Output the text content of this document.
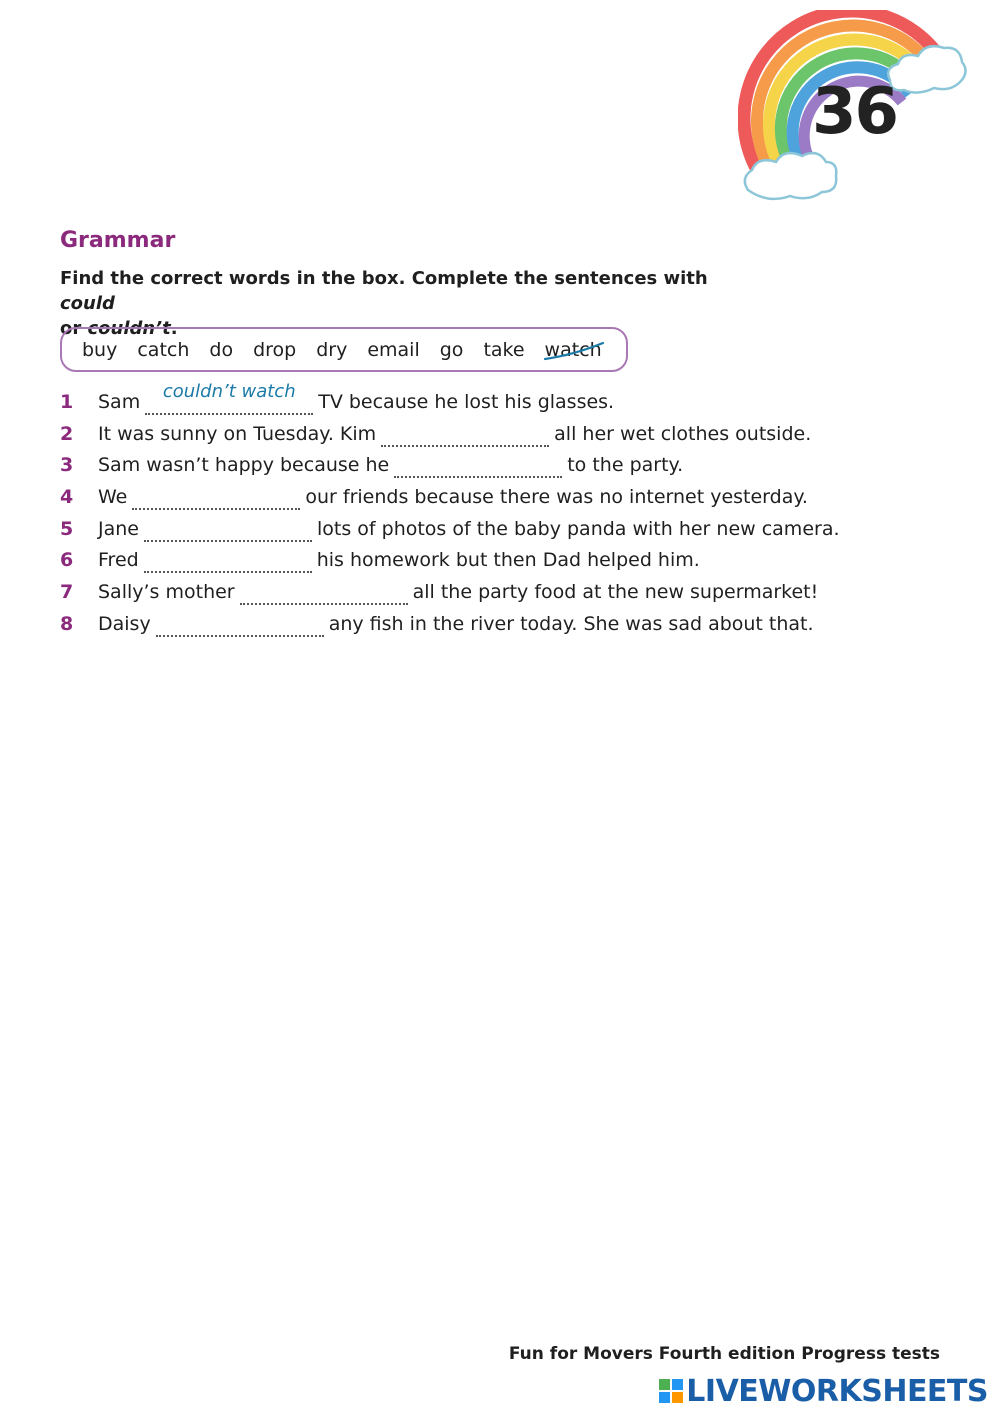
36
Grammar
Find the correct words in the box. Complete the sentences with could
or couldn’t.
buy catch do drop dry email go take watch
1	Sam	couldn’t watch	TV because he lost his glasses.
2	It was sunny on Tuesday. Kim	all her wet clothes outside.
3	Sam wasn’t happy because he	to the party.
4	We	our friends because there was no internet yesterday.
5	Jane	lots of photos of the baby panda with her new camera.
6	Fred	his homework but then Dad helped him.
7	Sally’s mother	all the party food at the new supermarket!
8	Daisy	any fish in the river today. She was sad about that.
Fun for Movers Fourth edition Progress tests
LIVEWORKSHEETS
